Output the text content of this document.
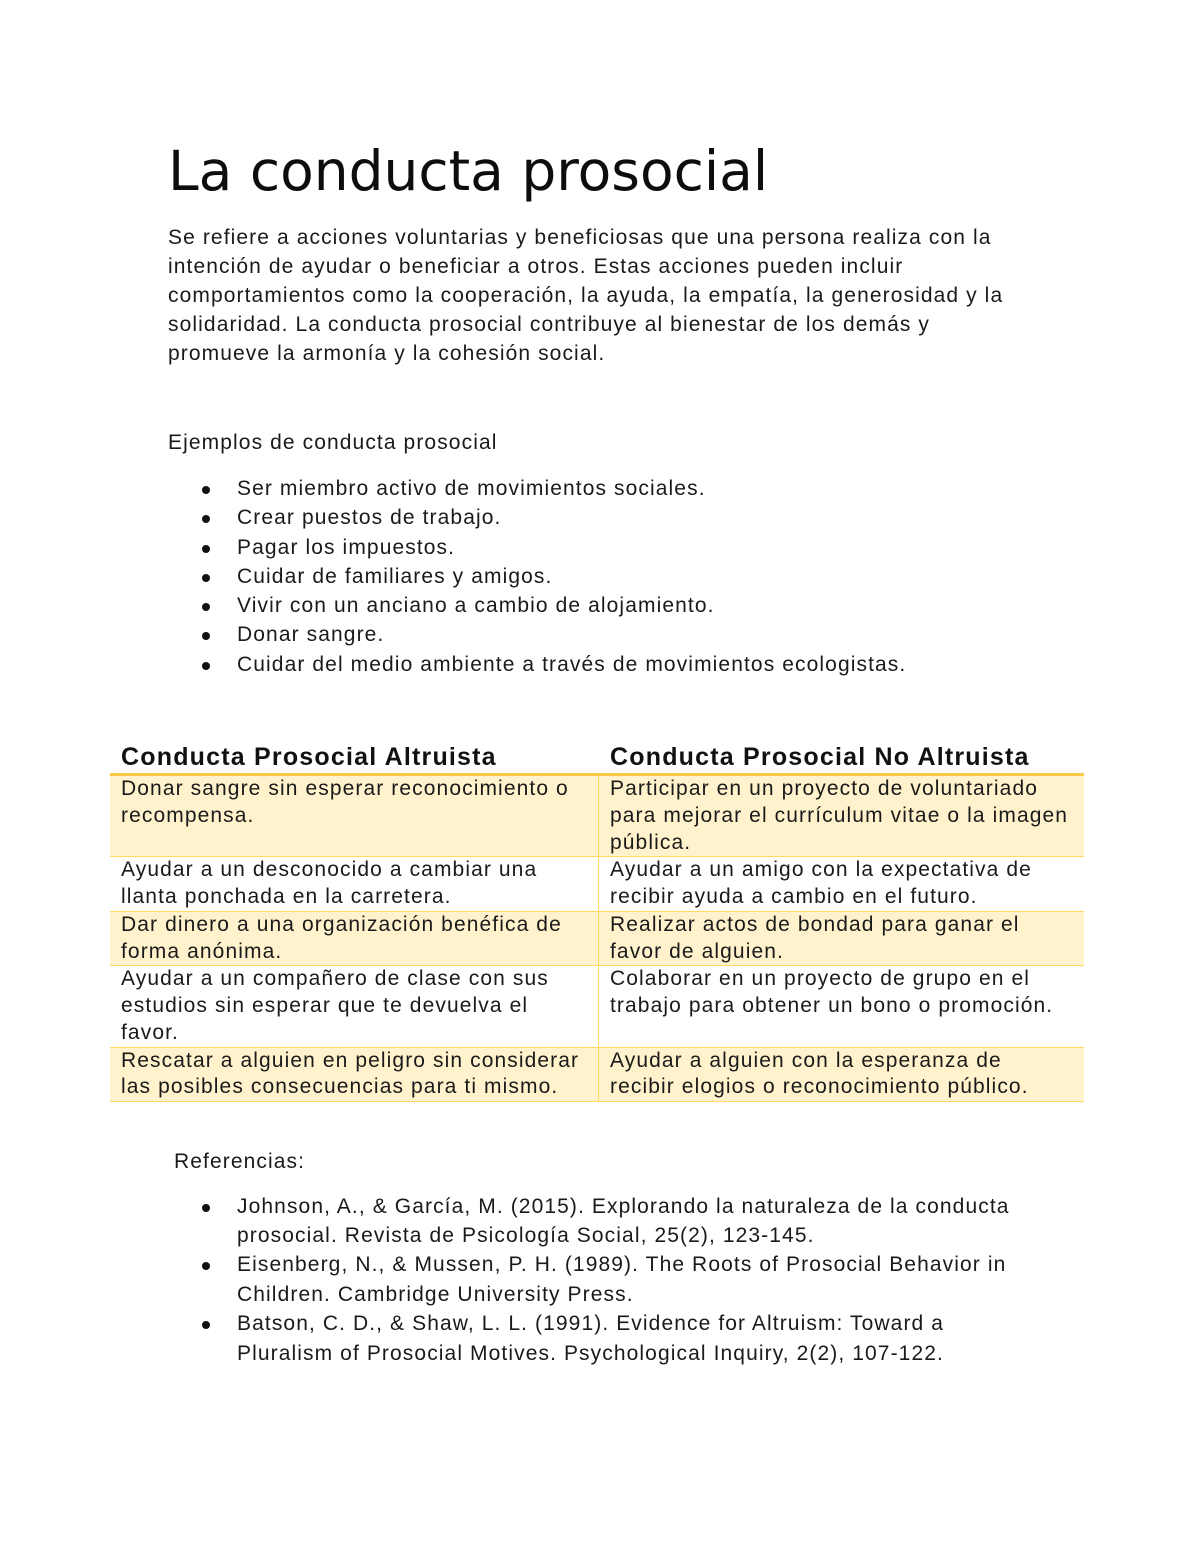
La conducta prosocial

Se refiere a acciones voluntarias y beneficiosas que una persona realiza con la
intención de ayudar o beneficiar a otros. Estas acciones pueden incluir
comportamientos como la cooperación, la ayuda, la empatía, la generosidad y la
solidaridad. La conducta prosocial contribuye al bienestar de los demás y
promueve la armonía y la cohesión social.

Ejemplos de conducta prosocial
Ser miembro activo de movimientos sociales.
Crear puestos de trabajo.
Pagar los impuestos.
Cuidar de familiares y amigos.
Vivir con un anciano a cambio de alojamiento.
Donar sangre.
Cuidar del medio ambiente a través de movimientos ecologistas.
Conducta Prosocial Altruista	Conducta Prosocial No Altruista
Donar sangre sin esperar reconocimiento o
recompensa.
Participar en un proyecto de voluntariado
para mejorar el currículum vitae o la imagen
pública.
Ayudar a un desconocido a cambiar una
llanta ponchada en la carretera.
Ayudar a un amigo con la expectativa de
recibir ayuda a cambio en el futuro.
Dar dinero a una organización benéfica de
forma anónima.
Realizar actos de bondad para ganar el
favor de alguien.
Ayudar a un compañero de clase con sus
estudios sin esperar que te devuelva el
favor.
Colaborar en un proyecto de grupo en el
trabajo para obtener un bono o promoción.
Rescatar a alguien en peligro sin considerar
las posibles consecuencias para ti mismo.
Ayudar a alguien con la esperanza de
recibir elogios o reconocimiento público.
Referencias:
Johnson, A., & García, M. (2015). Explorando la naturaleza de la conducta
prosocial. Revista de Psicología Social, 25(2), 123-145.
Eisenberg, N., & Mussen, P. H. (1989). The Roots of Prosocial Behavior in
Children. Cambridge University Press.
Batson, C. D., & Shaw, L. L. (1991). Evidence for Altruism: Toward a
Pluralism of Prosocial Motives. Psychological Inquiry, 2(2), 107-122.
